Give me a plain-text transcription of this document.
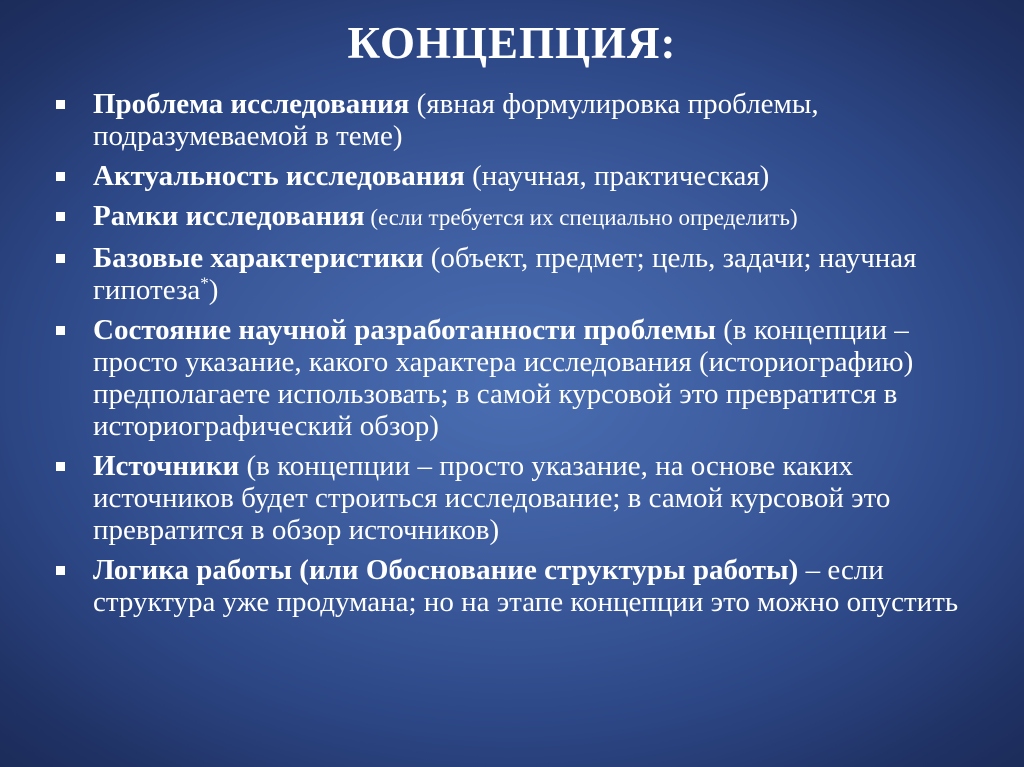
КОНЦЕПЦИЯ:
Проблема исследования (явная формулировка проблемы, подразумеваемой в теме)
Актуальность исследования (научная, практическая)
Рамки исследования (если требуется их специально определить)
Базовые характеристики (объект, предмет; цель, задачи; научная гипотеза*)
Состояние научной разработанности проблемы (в концепции – просто указание, какого характера исследования (историографию) предполагаете использовать; в самой курсовой это превратится в историографический обзор)
Источники (в концепции – просто указание, на основе каких источников будет строиться исследование; в самой курсовой это превратится в обзор источников)
Логика работы (или Обоснование структуры работы) – если структура уже продумана; но на этапе концепции это можно опустить
